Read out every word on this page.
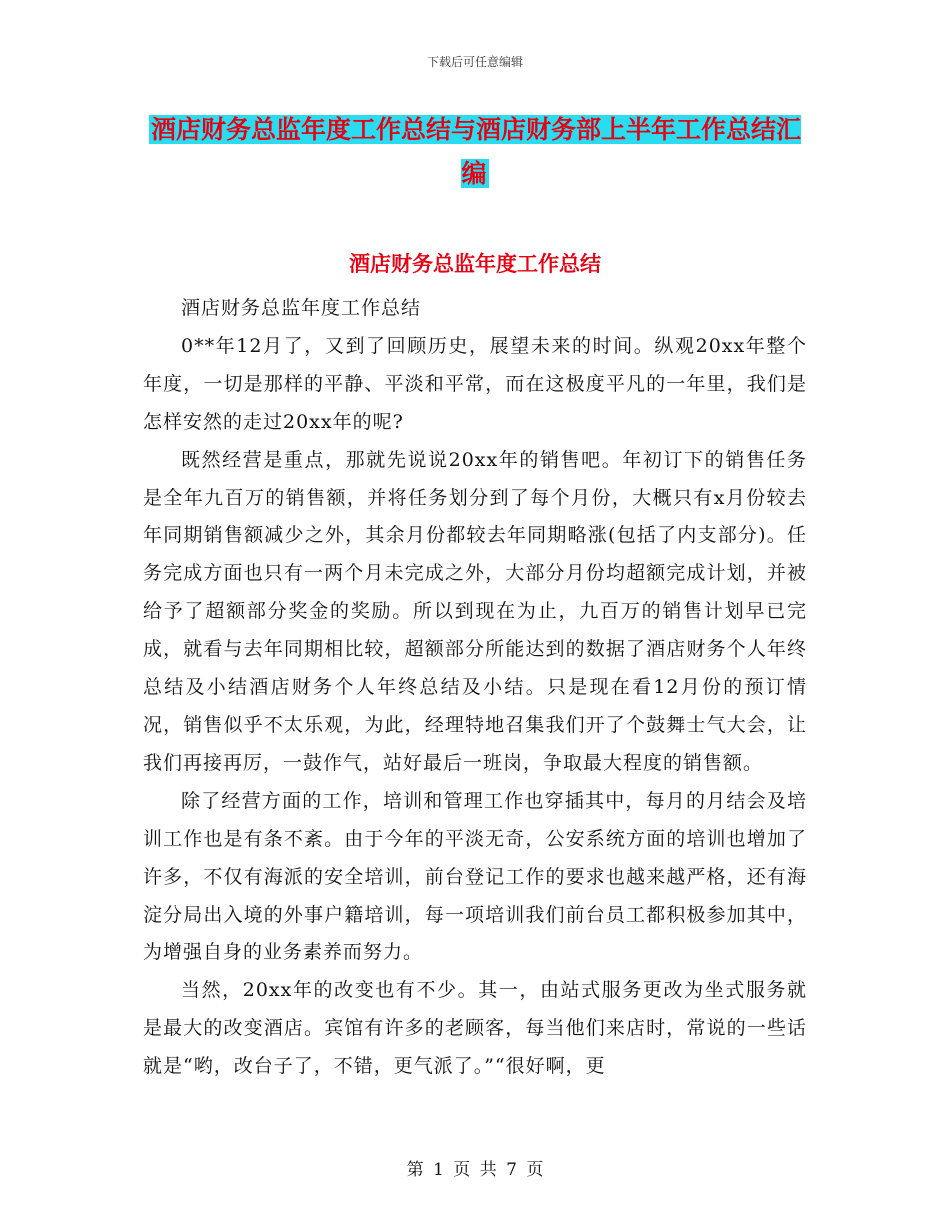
下载后可任意编辑
酒店财务总监年度工作总结与酒店财务部上半年工作总结汇编
酒店财务总监年度工作总结

酒店财务总监年度工作总结

0**年12月了，又到了回顾历史，展望未来的时间。纵观20xx年整个年度，一切是那样的平静、平淡和平常，而在这极度平凡的一年里，我们是怎样安然的走过20xx年的呢?

既然经营是重点，那就先说说20xx年的销售吧。年初订下的销售任务是全年九百万的销售额，并将任务划分到了每个月份，大概只有x月份较去年同期销售额减少之外，其余月份都较去年同期略涨(包括了内支部分)。任务完成方面也只有一两个月未完成之外，大部分月份均超额完成计划，并被给予了超额部分奖金的奖励。所以到现在为止，九百万的销售计划早已完成，就看与去年同期相比较，超额部分所能达到的数据了酒店财务个人年终总结及小结酒店财务个人年终总结及小结。只是现在看12月份的预订情况，销售似乎不太乐观，为此，经理特地召集我们开了个鼓舞士气大会，让我们再接再厉，一鼓作气，站好最后一班岗，争取最大程度的销售额。

除了经营方面的工作，培训和管理工作也穿插其中，每月的月结会及培训工作也是有条不紊。由于今年的平淡无奇，公安系统方面的培训也增加了许多，不仅有海派的安全培训，前台登记工作的要求也越来越严格，还有海淀分局出入境的外事户籍培训，每一项培训我们前台员工都积极参加其中，为增强自身的业务素养而努力。

当然，20xx年的改变也有不少。其一，由站式服务更改为坐式服务就是最大的改变酒店。宾馆有许多的老顾客，每当他们来店时，常说的一些话就是“哟，改台子了，不错，更气派了。”“很好啊，更

第 1 页 共 7 页
